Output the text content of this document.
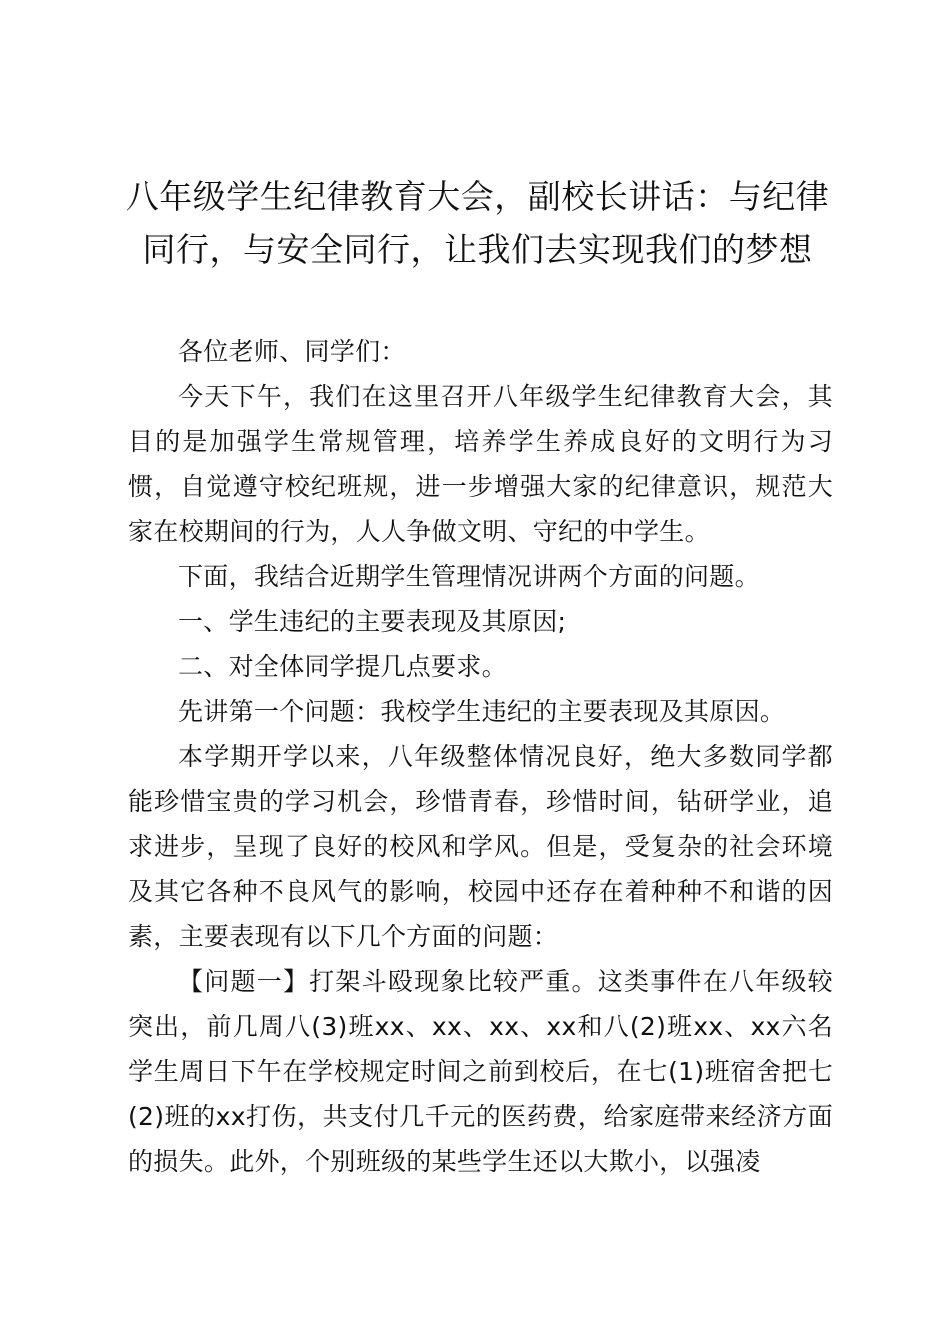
八年级学生纪律教育大会，副校长讲话：与纪律同行，与安全同行，让我们去实现我们的梦想

各位老师、同学们：

今天下午，我们在这里召开八年级学生纪律教育大会，其目的是加强学生常规管理，培养学生养成良好的文明行为习惯，自觉遵守校纪班规，进一步增强大家的纪律意识，规范大家在校期间的行为，人人争做文明、守纪的中学生。

下面，我结合近期学生管理情况讲两个方面的问题。

一、学生违纪的主要表现及其原因;

二、对全体同学提几点要求。

先讲第一个问题：我校学生违纪的主要表现及其原因。

本学期开学以来，八年级整体情况良好，绝大多数同学都能珍惜宝贵的学习机会，珍惜青春，珍惜时间，钻研学业，追求进步，呈现了良好的校风和学风。但是，受复杂的社会环境及其它各种不良风气的影响，校园中还存在着种种不和谐的因素，主要表现有以下几个方面的问题：

【问题一】打架斗殴现象比较严重。这类事件在八年级较突出，前几周八(3)班xx、xx、xx、xx和八(2)班xx、xx六名学生周日下午在学校规定时间之前到校后，在七(1)班宿舍把七(2)班的xx打伤，共支付几千元的医药费，给家庭带来经济方面的损失。此外，个别班级的某些学生还以大欺小，以强凌
